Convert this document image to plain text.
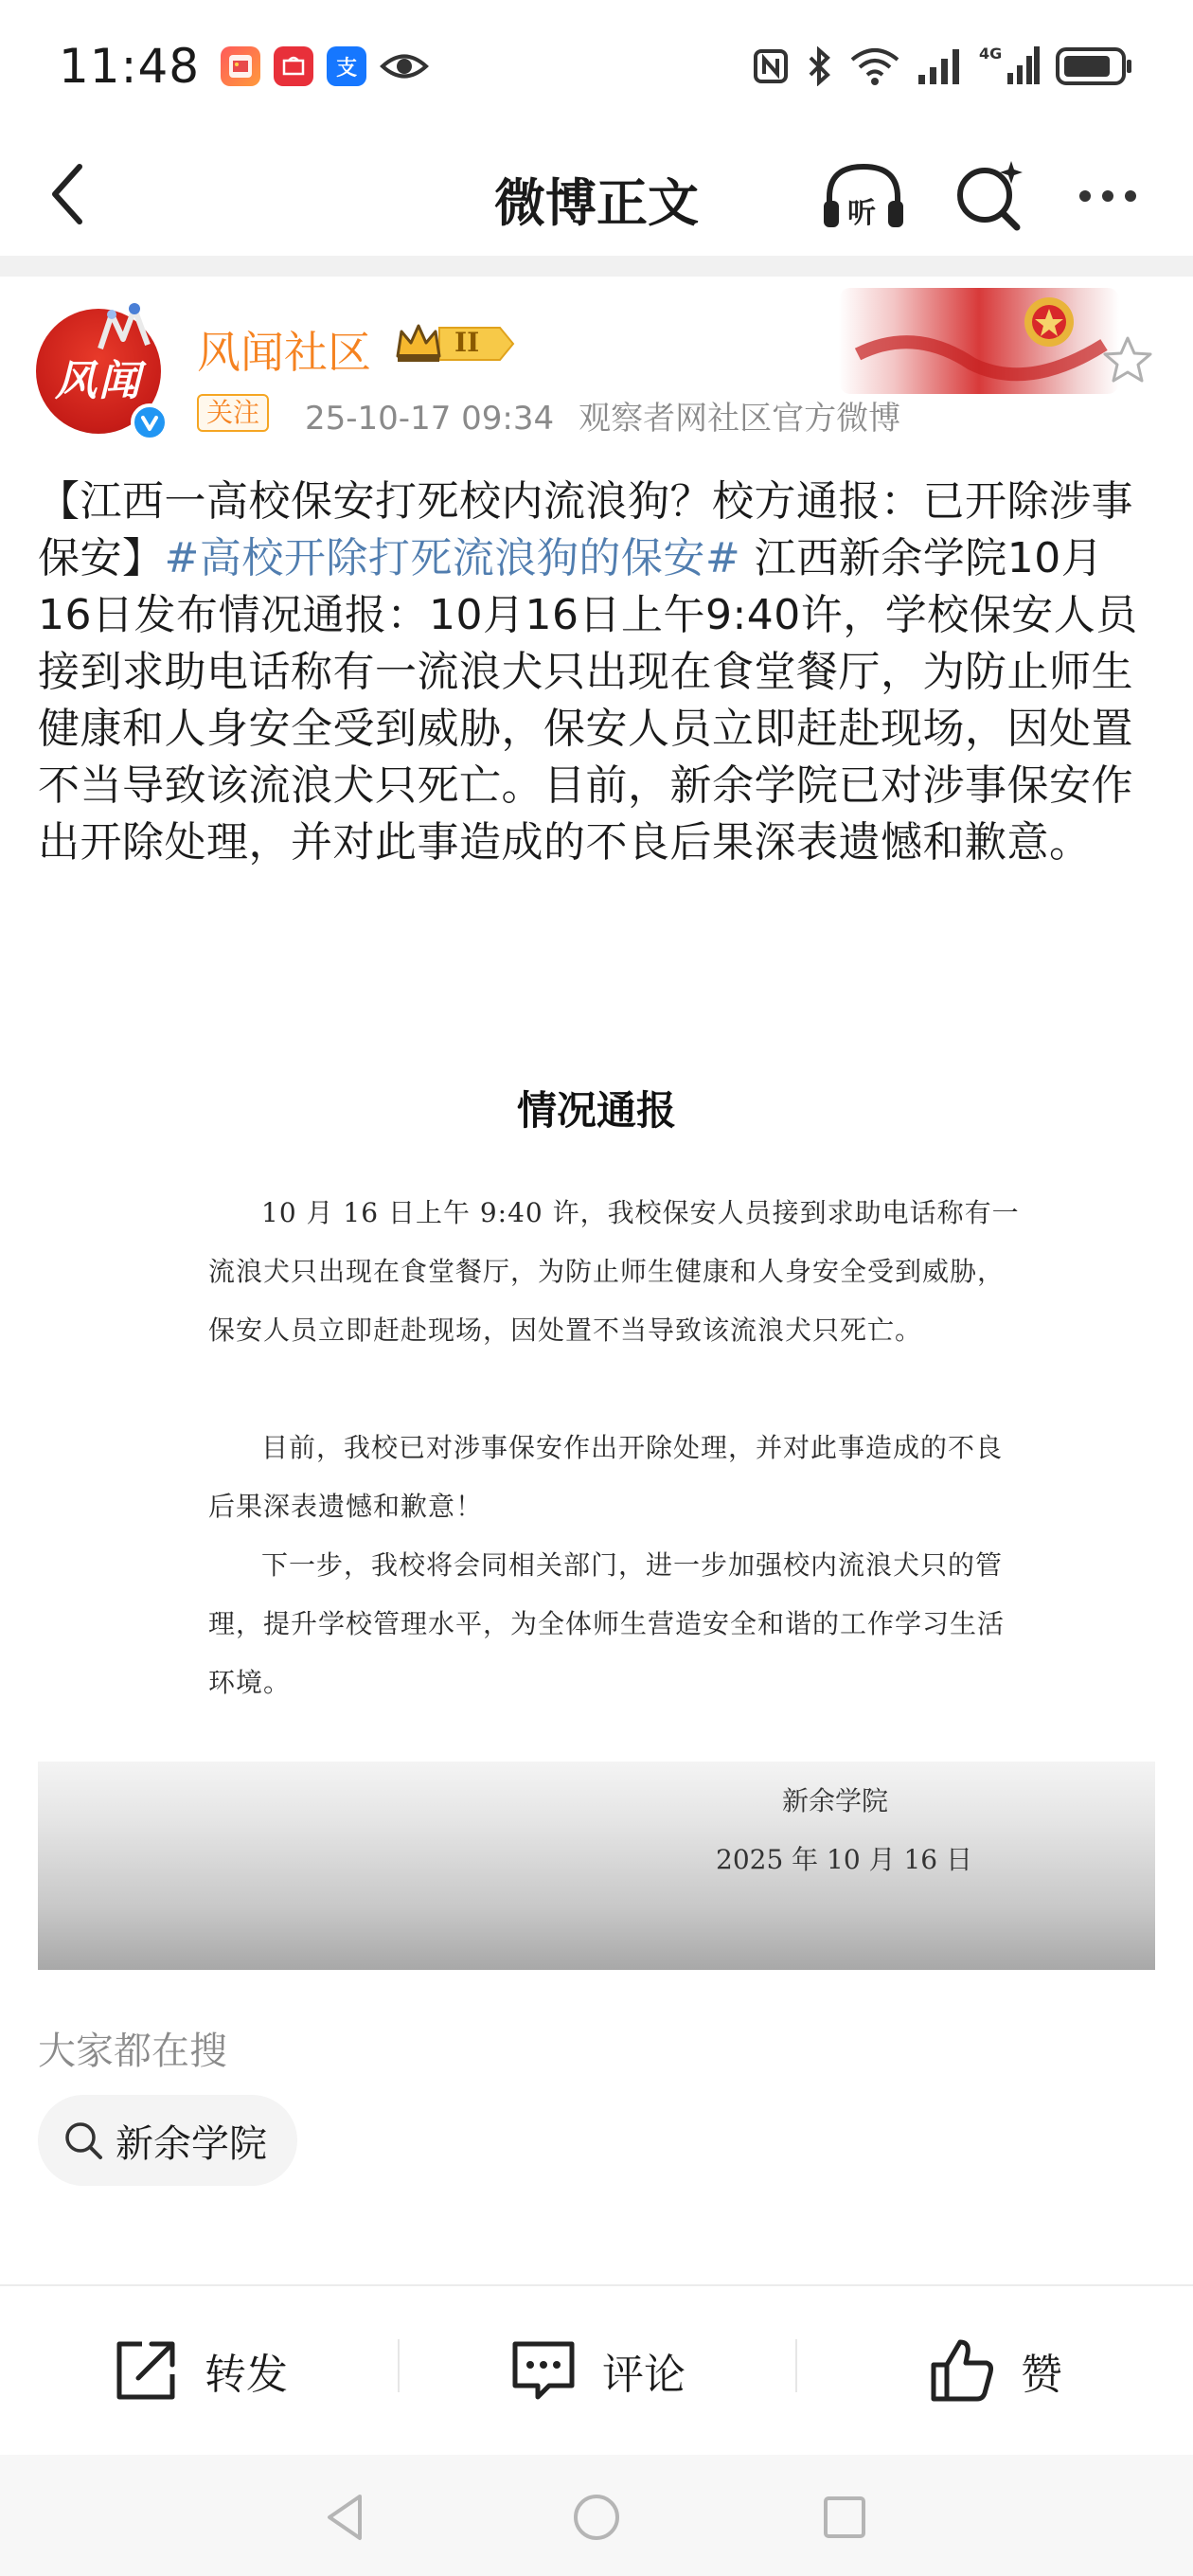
11:48	支
4G
微博正文	听
风闻
风闻社区	II
关注 25-10-17 09:34 观察者网社区官方微博
【江西一高校保安打死校内流浪狗？校方通报：已开除涉事保安】#高校开除打死流浪狗的保安# 江西新余学院10月16日发布情况通报：10月16日上午9:40许，学校保安人员接到求助电话称有一流浪犬只出现在食堂餐厅，为防止师生健康和人身安全受到威胁，保安人员立即赶赴现场，因处置不当导致该流浪犬只死亡。目前，新余学院已对涉事保安作出开除处理，并对此事造成的不良后果深表遗憾和歉意。
情况通报
10 月 16 日上午 9:40 许，我校保安人员接到求助电话称有一流浪犬只出现在食堂餐厅，为防止师生健康和人身安全受到威胁，保安人员立即赶赴现场，因处置不当导致该流浪犬只死亡。
目前，我校已对涉事保安作出开除处理，并对此事造成的不良后果深表遗憾和歉意！
下一步，我校将会同相关部门，进一步加强校内流浪犬只的管理，提升学校管理水平，为全体师生营造安全和谐的工作学习生活环境。
新余学院
2025 年 10 月 16 日
大家都在搜
新余学院
转发	评论	赞
